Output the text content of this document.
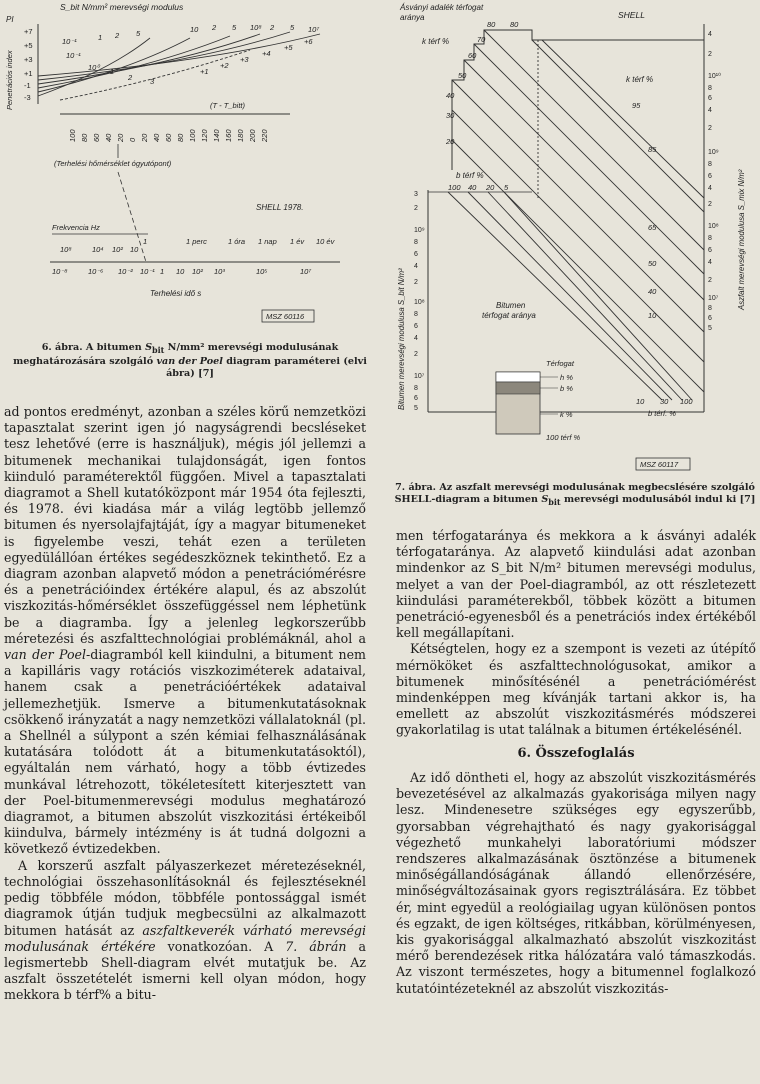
S_bit N/mm² merevségi modulus
PI
Penetrációs index
+7
+5
+3
+1
-1
-3
10⁻¹	1 2 5	10 2 5 10⁸ 2 5 10⁷
10⁻¹
10⁰ 1
2 3
+1
+2
+3
+4
+5
+6
(T - T_bitt)
100 80 60 40 20 0 20 40 60 80 100 120 140 160 180 200 220
(Terhelési hőmérséklet ógyutópont)
SHELL 1978.
Frekvencia Hz
10⁸	10⁴ 10² 10
1	1 perc	1 óra 1 nap 1 év 10 év
10⁻⁸	10⁻⁶ 10⁻² 10⁻¹ 1 10 10² 10³	10⁵	10⁷
Terhelési idő s
MSZ 60116
6. ábra. A bitumen $S_{bit}$ N/mm² merevségi modulusának meghatározására szolgáló van der Poel diagram paraméterei (elvi ábra) [7]
Ásványi adalék térfogat
aránya	SHELL
k térf %
80 80
70
60
50
40
30
20
k térf %
95
85
65
50
40
10
b térf %
100 40 20 5
Bitumen merevségi modulusa S_bit N/m²
3
2
10⁹
8
6
4
2
10⁸
8
6
4
2
10⁷
8
6
5
Aszfalt merevségi modulusa S_mix N/m²
4
2
10¹⁰
8
6
4
2
10⁹
8
6
4
2
10⁸
8
6
4
2
10⁷
8
6
5
Bitumen
térfogat aránya
Térfogat
h %
b %
k %
100 térf %
10 30 100
b térf. %
MSZ 60117
7. ábra. Az aszfalt merevségi modulusának megbecslésére szolgáló SHELL-diagram a bitumen $S_{bit}$ merevségi modulusából indul ki [7]

ad pontos eredményt, azonban a széles körű nemzetközi tapasztalat szerint igen jó nagyságrendi becsléseket tesz lehetővé (erre is használjuk), mégis jól jellemzi a bitumenek mechanikai tulajdonságát, igen fontos kiinduló paraméterektől függően. Mivel a tapasztalati diagramot a Shell kutatóközpont már 1954 óta fejleszti, és 1978. évi kiadása már a világ legtöbb jellemző bitumen és nyersolajfajtáját, így a magyar bitumeneket is figyelembe veszi, tehát ezen a területen egyedülállóan értékes segédeszköznek tekinthető. Ez a diagram azonban alapvető módon a penetrációmérésre és a penetrációindex értékére alapul, és az abszolút viszkozitás-hőmérséklet összefüggéssel nem léphetünk be a diagramba. Így a jelenleg legkorszerűbb méretezési és aszfalttechnológiai problémáknál, ahol a van der Poel-diagramból kell kiindulni, a bitument nem a kapilláris vagy rotációs viszkoziméterek adataival, hanem csak a penetrációértékek adataival jellemezhetjük. Ismerve a bitumenkutatásoknak csökkenő irányzatát a nagy nemzetközi vállalatoknál (pl. a Shellnél a súlypont a szén kémiai felhasználásának kutatására tolódott át a bitumenkutatásoktól), egyáltalán nem várható, hogy a több évtizedes munkával létrehozott, tökéletesített kiterjesztett van der Poel-bitumenmerevségi modulus meghatározó diagramot, a bitumen abszolút viszkozitási értékeiből kiindulva, bármely intézmény is át tudná dolgozni a következő évtizedekben.

A korszerű aszfalt pályaszerkezet méretezéseknél, technológiai összehasonlításoknál és fejlesztéseknél pedig többféle módon, többféle pontossággal ismét diagramok útján tudjuk megbecsülni az alkalmazott bitumen hatását az aszfaltkeverék várható merevségi modulusának értékére vonatkozóan. A 7. ábrán a legismertebb Shell-diagram elvét mutatjuk be. Az aszfalt összetételét ismerni kell olyan módon, hogy mekkora b térf% a bitu-

men térfogataránya és mekkora a k ásványi adalék térfogataránya. Az alapvető kiindulási adat azonban mindenkor az S_bit N/m² bitumen merevségi modulus, melyet a van der Poel-diagramból, az ott részletezett kiindulási paraméterekből, többek között a bitumen penetráció-egyenesből és a penetrációs index értékéből kell megállapítani.

Kétségtelen, hogy ez a szempont is vezeti az útépítő mérnököket és aszfalttechnológusokat, amikor a bitumenek minősítésénél a penetrációmérést mindenképpen meg kívánják tartani akkor is, ha emellett az abszolút viszkozitásmérés módszerei gyakorlatilag is utat találnak a bitumen értékelésénél.

6. Összefoglalás

Az idő döntheti el, hogy az abszolút viszkozitásmérés bevezetésével az alkalmazás gyakorisága milyen nagy lesz. Mindenesetre szükséges egy egyszerűbb, gyorsabban végrehajtható és nagy gyakorisággal végezhető munkahelyi laboratóriumi módszer rendszeres alkalmazásának ösztönzése a bitumenek minőségállandóságának állandó ellenőrzésére, minőségváltozásainak gyors regisztrálására. Ez többet ér, mint egyedül a reológiailag ugyan különösen pontos és egzakt, de igen költséges, ritkábban, körülményesen, kis gyakorisággal alkalmazható abszolút viszkozitást mérő berendezések ritka hálózatára való támaszkodás. Az viszont természetes, hogy a bitumennel foglalkozó kutatóintézeteknél az abszolút viszkozitás-
